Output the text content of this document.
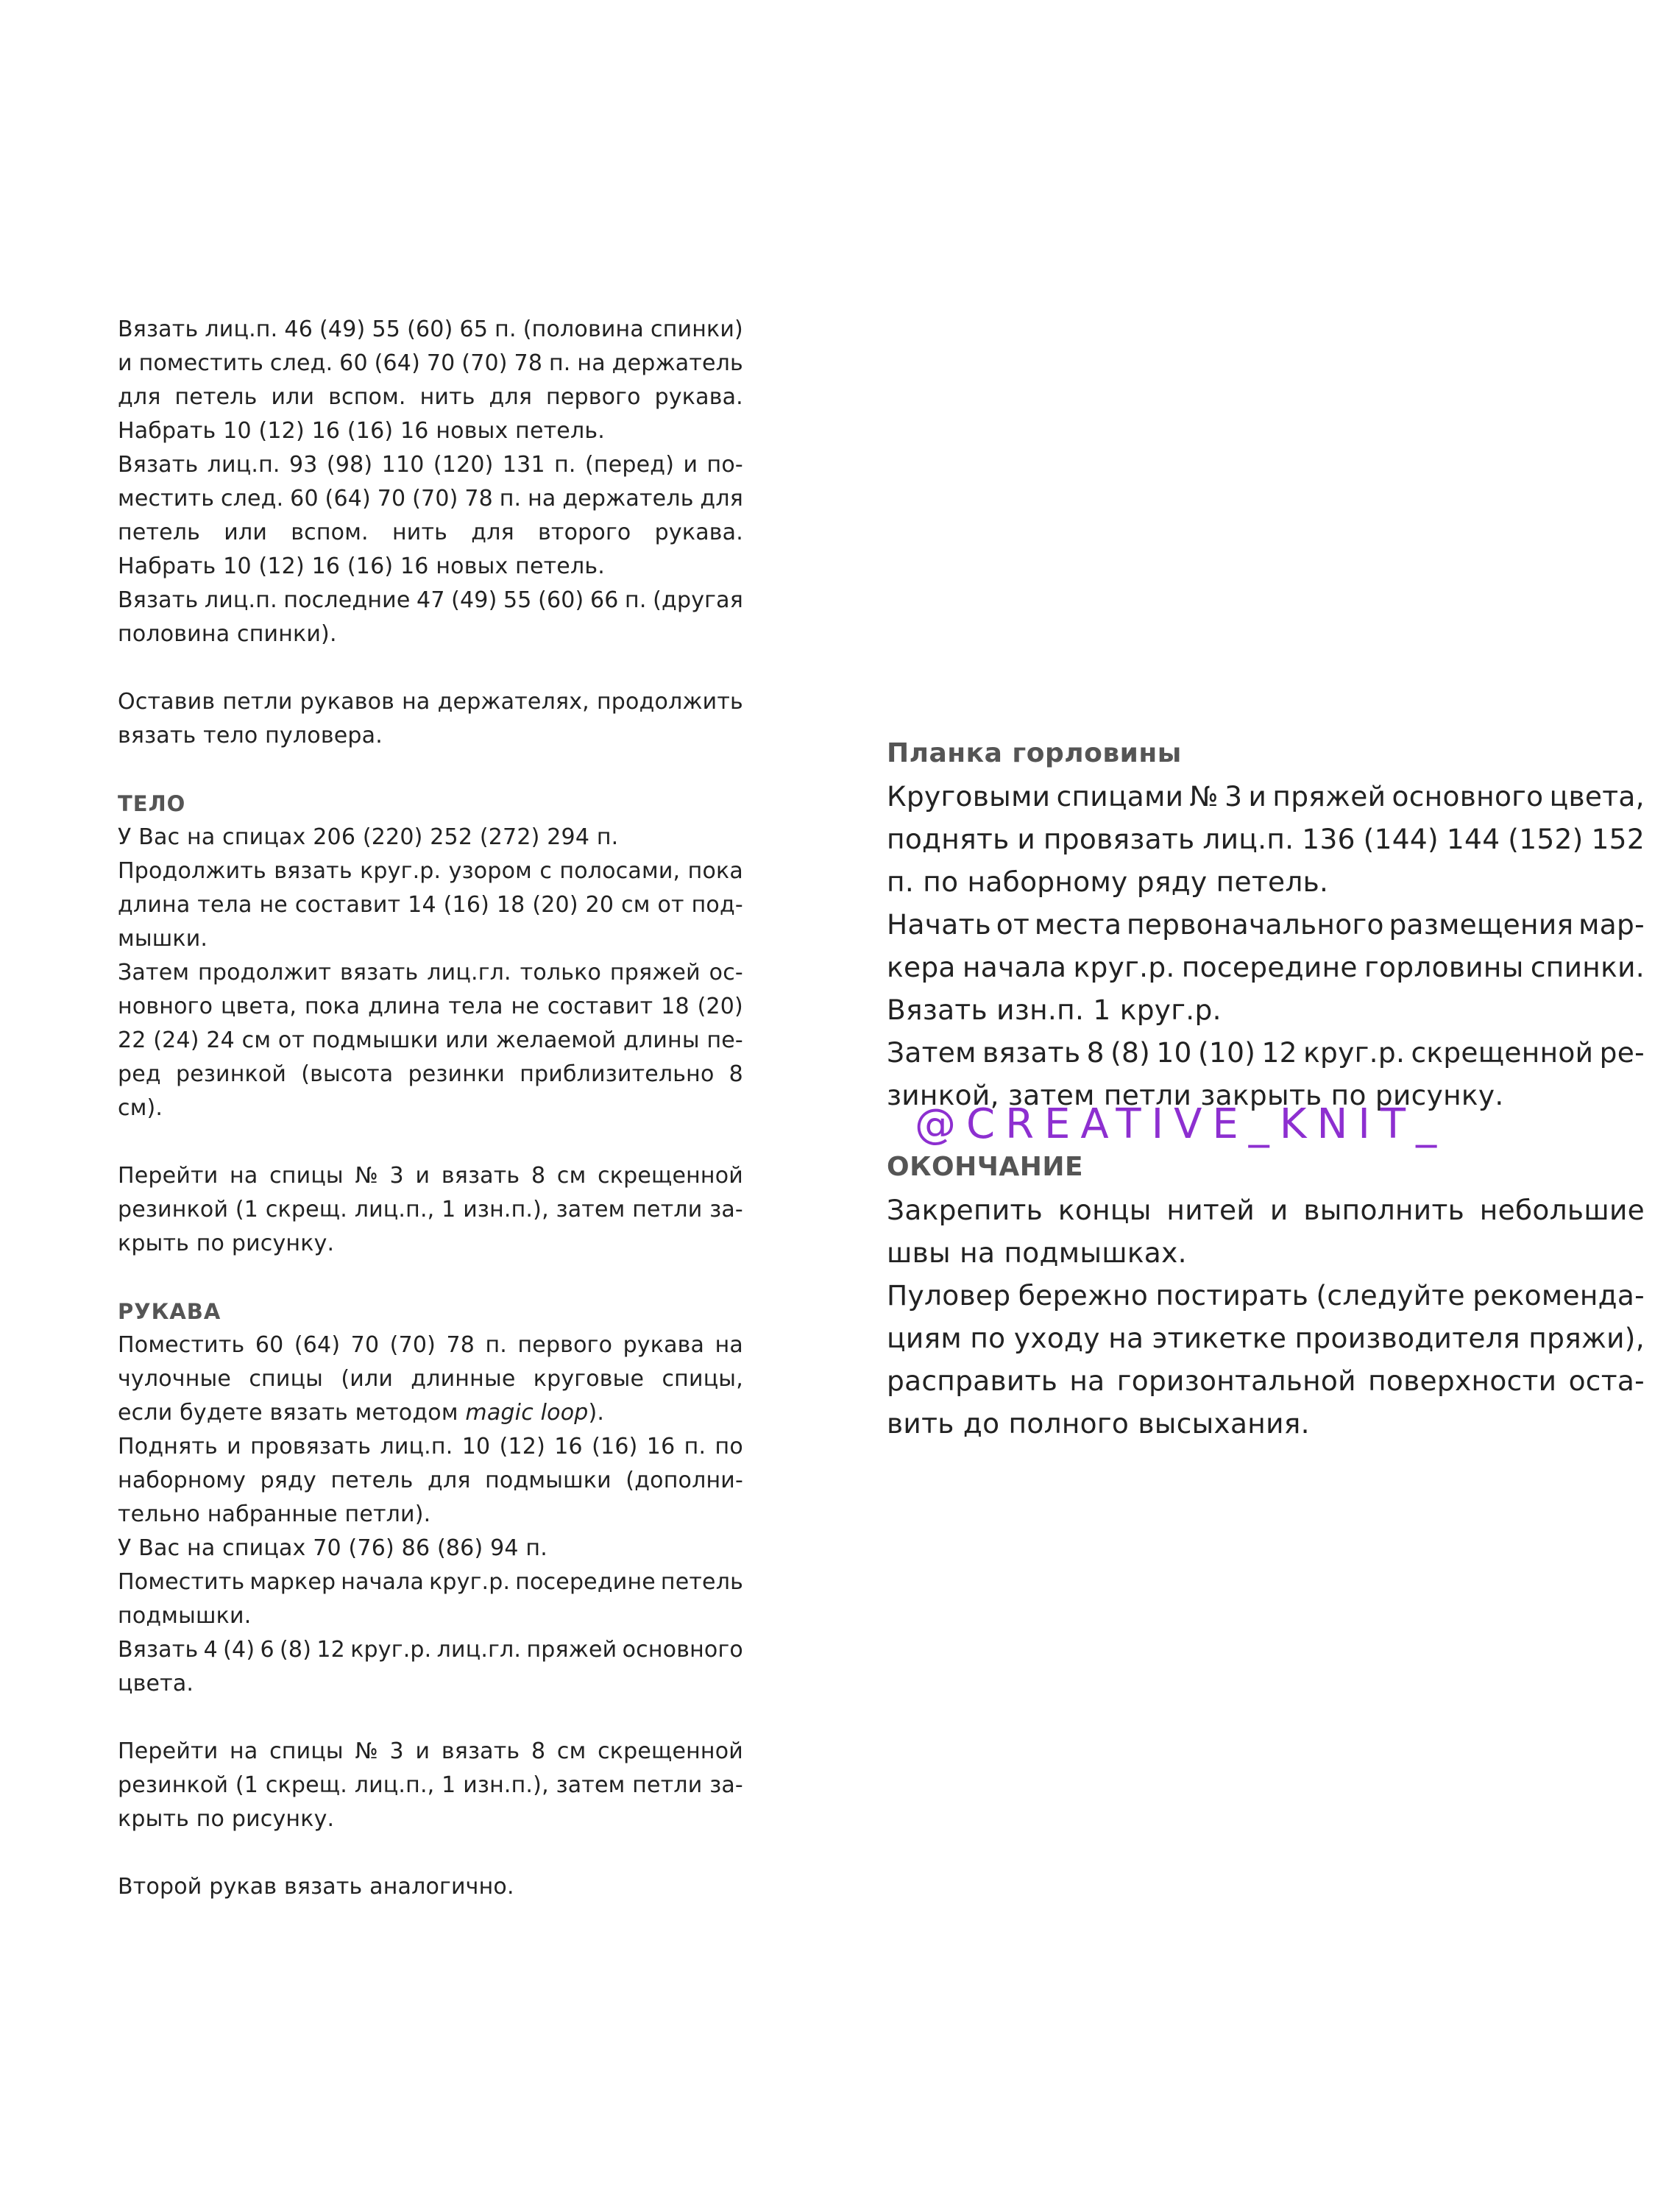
Вязать лиц.п. 46 (49) 55 (60) 65 п. (половина спинки)
и поместить след. 60 (64) 70 (70) 78 п. на держатель
для петель или вспом. нить для первого рукава.
Набрать 10 (12) 16 (16) 16 новых петель.
Вязать лиц.п. 93 (98) 110 (120) 131 п. (перед) и по-
местить след. 60 (64) 70 (70) 78 п. на держатель для
петель или вспом. нить для второго рукава.
Набрать 10 (12) 16 (16) 16 новых петель.
Вязать лиц.п. последние 47 (49) 55 (60) 66 п. (другая
половина спинки).
Оставив петли рукавов на держателях, продолжить
вязать тело пуловера.
ТЕЛО
У Вас на спицах 206 (220) 252 (272) 294 п.
Продолжить вязать круг.р. узором с полосами, пока
длина тела не составит 14 (16) 18 (20) 20 см от под-
мышки.
Затем продолжит вязать лиц.гл. только пряжей ос-
новного цвета, пока длина тела не составит 18 (20)
22 (24) 24 см от подмышки или желаемой длины пе-
ред резинкой (высота резинки приблизительно 8
см).
Перейти на спицы № 3 и вязать 8 см скрещенной
резинкой (1 скрещ. лиц.п., 1 изн.п.), затем петли за-
крыть по рисунку.
РУКАВА
Поместить 60 (64) 70 (70) 78 п. первого рукава на
чулочные спицы (или длинные круговые спицы,
если будете вязать методом magic loop).
Поднять и провязать лиц.п. 10 (12) 16 (16) 16 п. по
наборному ряду петель для подмышки (дополни-
тельно набранные петли).
У Вас на спицах 70 (76) 86 (86) 94 п.
Поместить маркер начала круг.р. посередине петель
подмышки.
Вязать 4 (4) 6 (8) 12 круг.р. лиц.гл. пряжей основного
цвета.
Перейти на спицы № 3 и вязать 8 см скрещенной
резинкой (1 скрещ. лиц.п., 1 изн.п.), затем петли за-
крыть по рисунку.
Второй рукав вязать аналогично.
Планка горловины
Круговыми спицами № 3 и пряжей основного цвета,
поднять и провязать лиц.п. 136 (144) 144 (152) 152
п. по наборному ряду петель.
Начать от места первоначального размещения мар-
кера начала круг.р. посередине горловины спинки.
Вязать изн.п. 1 круг.р.
Затем вязать 8 (8) 10 (10) 12 круг.р. скрещенной ре-
зинкой, затем петли закрыть по рисунку.
ОКОНЧАНИЕ
Закрепить концы нитей и выполнить небольшие
швы на подмышках.
Пуловер бережно постирать (следуйте рекоменда-
циям по уходу на этикетке производителя пряжи),
расправить на горизонтальной поверхности оста-
вить до полного высыхания.
@CREATIVE_KNIT_
